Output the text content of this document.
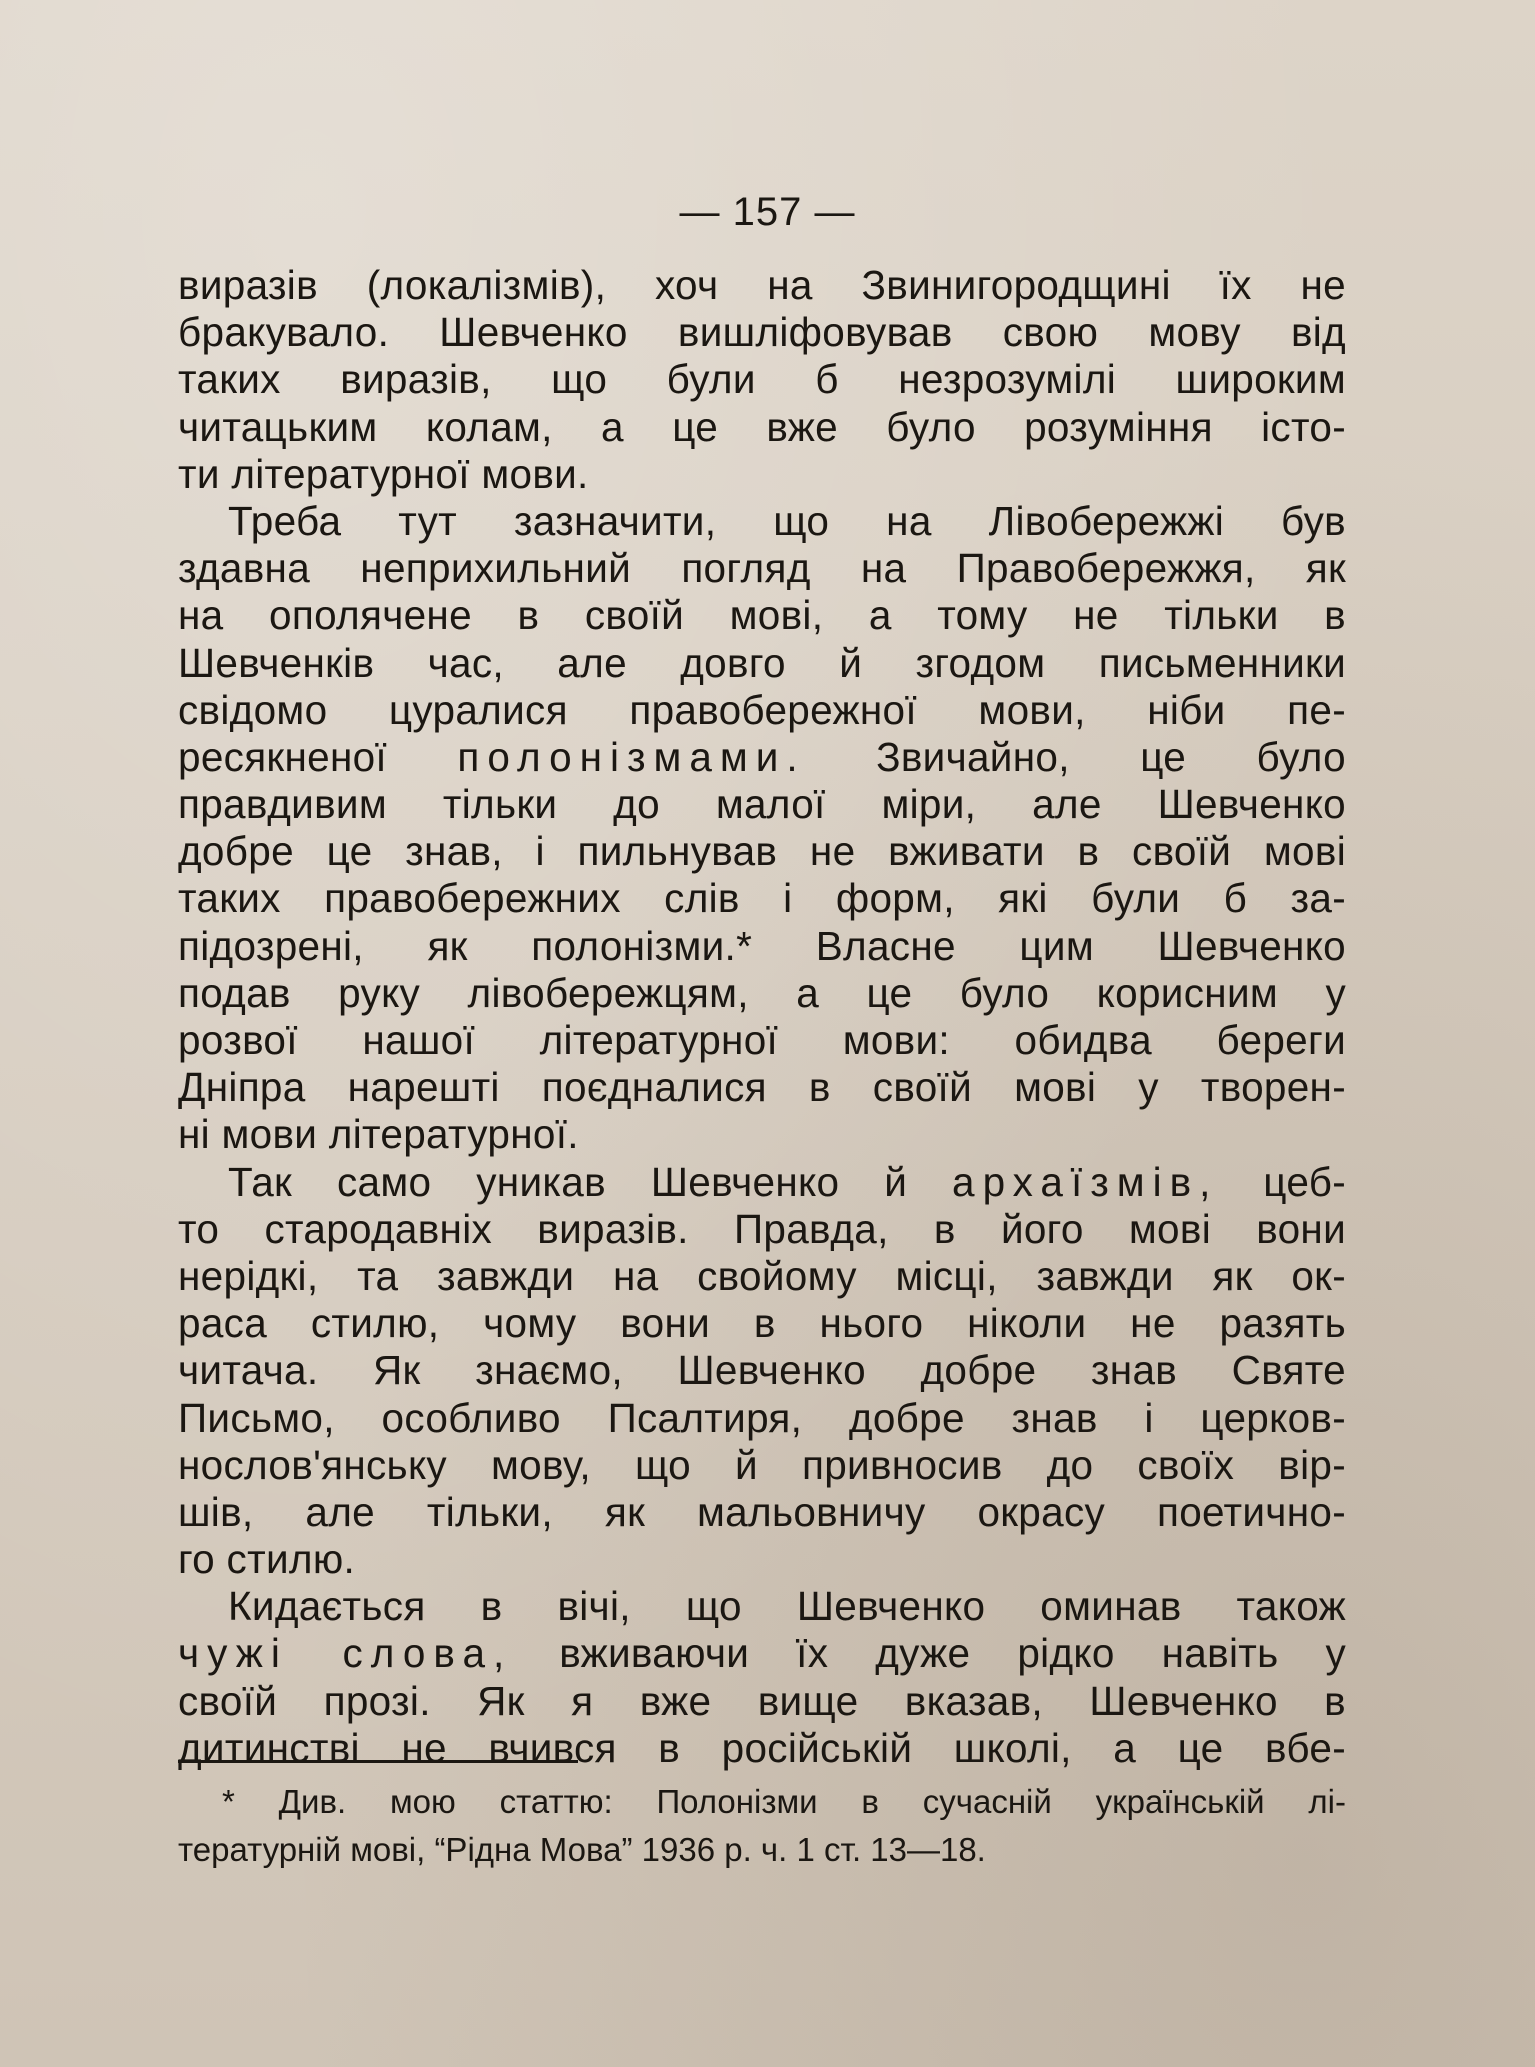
— 157 —
виразів (локалізмів), хоч на Звинигородщині їх не
бракувало. Шевченко вишліфовував свою мову від
таких виразів, що були б незрозумілі широким
читацьким колам, а це вже було розуміння істо-
ти літературної мови.
Треба тут зазначити, що на Лівобережжі був
здавна неприхильний погляд на Правобережжя, як
на ополячене в своїй мові, а тому не тільки в
Шевченків час, але довго й згодом письменники
свідомо цуралися правобережної мови, ніби пе-
ресякненої полонізмами. Звичайно, це було
правдивим тільки до малої міри, але Шевченко
добре це знав, і пильнував не вживати в своїй мові
таких правобережних слів і форм, які були б за-
підозрені, як полонізми.* Власне цим Шевченко
подав руку лівобережцям, а це було корисним у
розвої нашої літературної мови: обидва береги
Дніпра нарешті поєдналися в своїй мові у творен-
ні мови літературної.
Так само уникав Шевченко й архаїзмів, цеб-
то стародавніх виразів. Правда, в його мові вони
нерідкі, та завжди на свойому місці, завжди як ок-
раса стилю, чому вони в нього ніколи не разять
читача. Як знаємо, Шевченко добре знав Святе
Письмо, особливо Псалтиря, добре знав і церков-
нослов'янську мову, що й привносив до своїх вір-
шів, але тільки, як мальовничу окрасу поетично-
го стилю.
Кидається в вічі, що Шевченко оминав також
чужі слова, вживаючи їх дуже рідко навіть у
своїй прозі. Як я вже вище вказав, Шевченко в
дитинстві не вчився в російській школі, а це вбе-
* Див. мою статтю: Полонізми в сучасній українській лі-
тературній мові, “Рідна Мова” 1936 р. ч. 1 ст. 13—18.
